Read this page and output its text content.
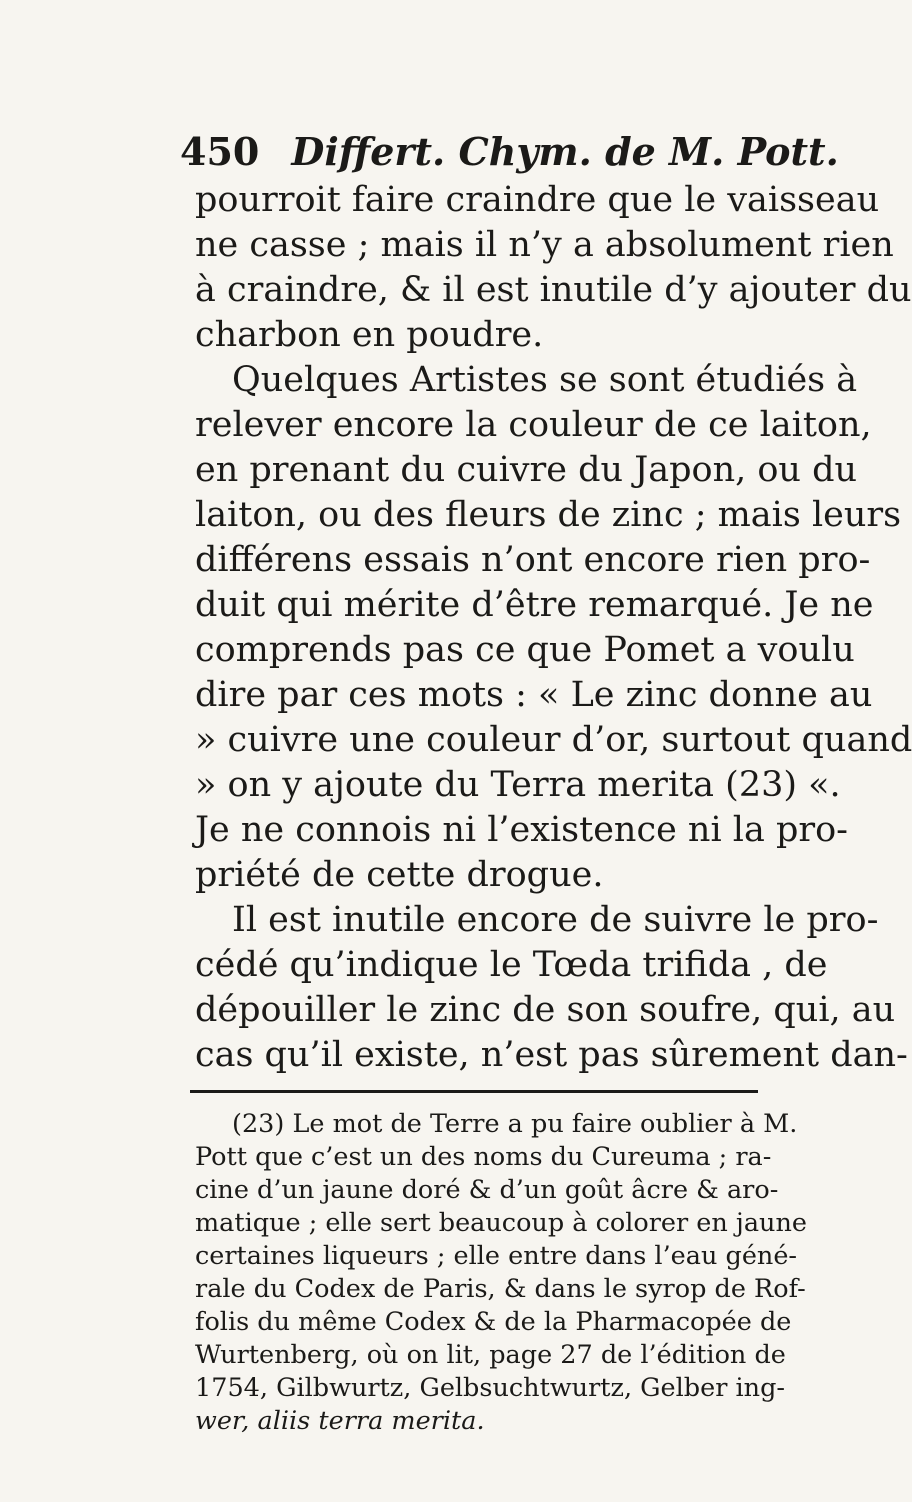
450 Differt. Chym. de M. Pott.
pourroit faire craindre que le vaisseau
ne casse ; mais il n’y a absolument rien
à craindre, & il est inutile d’y ajouter du
charbon en poudre.
Quelques Artistes se sont étudiés à
relever encore la couleur de ce laiton,
en prenant du cuivre du Japon, ou du
laiton, ou des fleurs de zinc ; mais leurs
différens essais n’ont encore rien pro-
duit qui mérite d’être remarqué. Je ne
comprends pas ce que Pomet a voulu
dire par ces mots : « Le zinc donne au
» cuivre une couleur d’or, surtout quand
» on y ajoute du Terra merita (23) «.
Je ne connois ni l’existence ni la pro-
priété de cette drogue.
Il est inutile encore de suivre le pro-
cédé qu’indique le Tœda trifida , de
dépouiller le zinc de son soufre, qui, au
cas qu’il existe, n’est pas sûrement dan-
(23) Le mot de Terre a pu faire oublier à M.
Pott que c’est un des noms du Cureuma ; ra-
cine d’un jaune doré & d’un goût âcre & aro-
matique ; elle sert beaucoup à colorer en jaune
certaines liqueurs ; elle entre dans l’eau géné-
rale du Codex de Paris, & dans le syrop de Rof-
folis du même Codex & de la Pharmacopée de
Wurtenberg, où on lit, page 27 de l’édition de
1754, Gilbwurtz, Gelbsuchtwurtz, Gelber ing-
wer, aliis terra merita.
